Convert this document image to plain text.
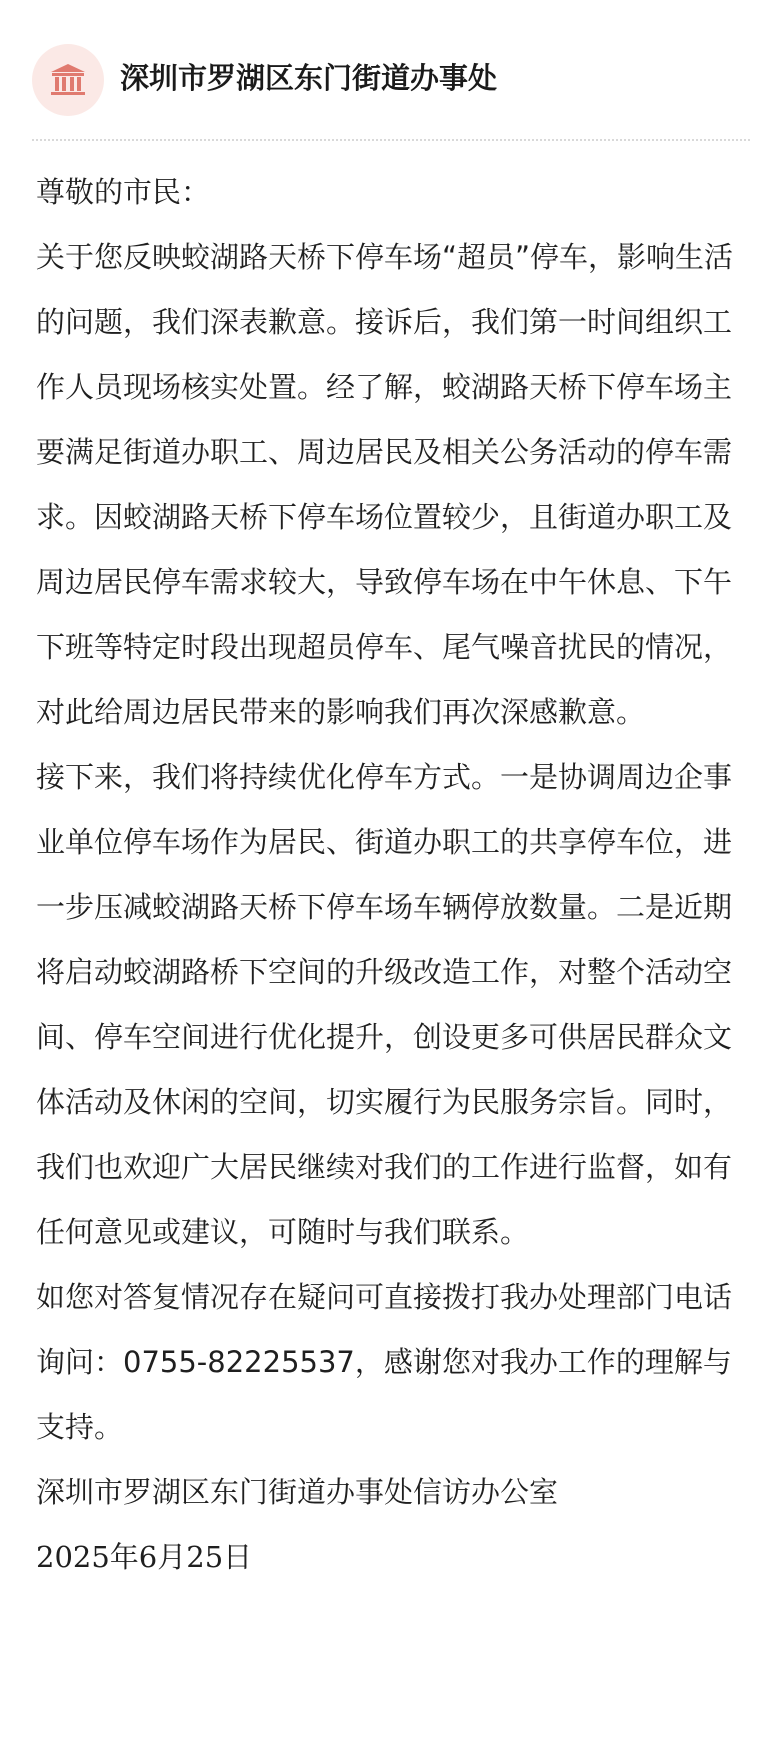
深圳市罗湖区东门街道办事处

尊敬的市民：

关于您反映蛟湖路天桥下停车场“超员”停车，影响生活的问题，我们深表歉意。接诉后，我们第一时间组织工作人员现场核实处置。经了解，蛟湖路天桥下停车场主要满足街道办职工、周边居民及相关公务活动的停车需求。因蛟湖路天桥下停车场位置较少，且街道办职工及周边居民停车需求较大，导致停车场在中午休息、下午下班等特定时段出现超员停车、尾气噪音扰民的情况，对此给周边居民带来的影响我们再次深感歉意。

接下来，我们将持续优化停车方式。一是协调周边企事业单位停车场作为居民、街道办职工的共享停车位，进一步压减蛟湖路天桥下停车场车辆停放数量。二是近期将启动蛟湖路桥下空间的升级改造工作，对整个活动空间、停车空间进行优化提升，创设更多可供居民群众文体活动及休闲的空间，切实履行为民服务宗旨。同时，我们也欢迎广大居民继续对我们的工作进行监督，如有任何意见或建议，可随时与我们联系。

如您对答复情况存在疑问可直接拨打我办处理部门电话询问：0755-82225537，感谢您对我办工作的理解与支持。

深圳市罗湖区东门街道办事处信访办公室

2025年6月25日
